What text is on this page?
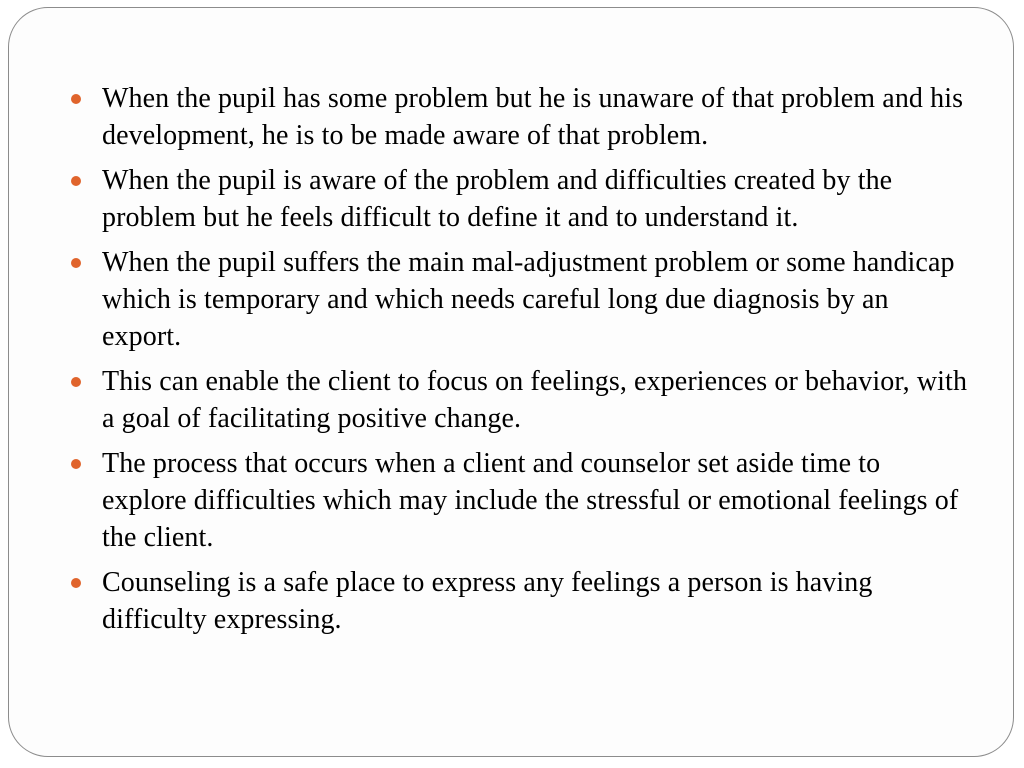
When the pupil has some problem but he is unaware of that problem and his development, he is to be made aware of that problem.
When the pupil is aware of the problem and difficulties created by the problem but he feels difficult to define it and to understand it.
When the pupil suffers the main mal-adjustment problem or some handicap which is temporary and which needs careful long due diagnosis by an export.
This can enable the client to focus on feelings, experiences or behavior, with a goal of facilitating positive change.
The process that occurs when a client and counselor set aside time to explore difficulties which may include the stressful or emotional feelings of the client.
Counseling is a safe place to express any feelings a person is having difficulty expressing.
